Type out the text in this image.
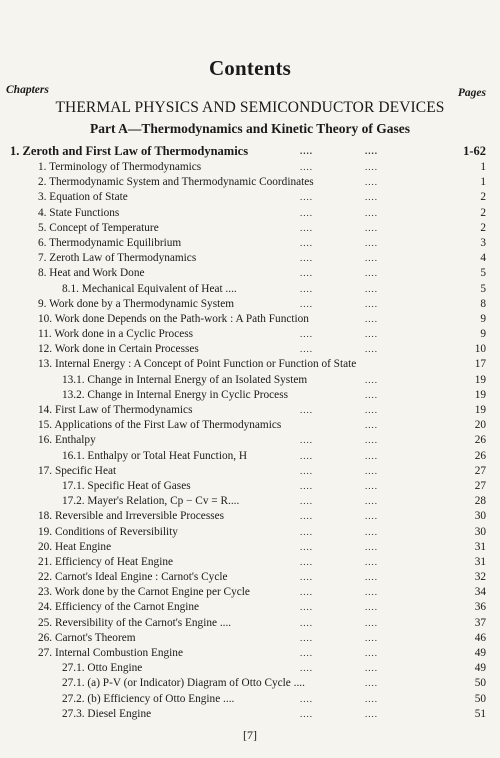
Contents
Chapters	Pages
THERMAL PHYSICS AND SEMICONDUCTOR DEVICES
Part A—Thermodynamics and Kinetic Theory of Gases
1. Zeroth and First Law of Thermodynamics	....	....	1-62
1. Terminology of Thermodynamics	....	....	1
2. Thermodynamic System and Thermodynamic Coordinates	....	1
3. Equation of State	....	....	2
4. State Functions	....	....	2
5. Concept of Temperature	....	....	2
6. Thermodynamic Equilibrium	....	....	3
7. Zeroth Law of Thermodynamics	....	....	4
8. Heat and Work Done	....	....	5
8.1. Mechanical Equivalent of Heat ....	....	....	5
9. Work done by a Thermodynamic System	....	....	8
10. Work done Depends on the Path-work : A Path Function	....	9
11. Work done in a Cyclic Process	....	....	9
12. Work done in Certain Processes	....	....	10
13. Internal Energy : A Concept of Point Function or Function of State	17
13.1. Change in Internal Energy of an Isolated System	....	19
13.2. Change in Internal Energy in Cyclic Process	....	19
14. First Law of Thermodynamics	....	....	19
15. Applications of the First Law of Thermodynamics	....	20
16. Enthalpy	....	....	26
16.1. Enthalpy or Total Heat Function, H	....	....	26
17. Specific Heat	....	....	27
17.1. Specific Heat of Gases	....	....	27
17.2. Mayer's Relation, Cp − Cv = R....	....	....	28
18. Reversible and Irreversible Processes	....	....	30
19. Conditions of Reversibility	....	....	30
20. Heat Engine	....	....	31
21. Efficiency of Heat Engine	....	....	31
22. Carnot's Ideal Engine : Carnot's Cycle	....	....	32
23. Work done by the Carnot Engine per Cycle	....	....	34
24. Efficiency of the Carnot Engine	....	....	36
25. Reversibility of the Carnot's Engine ....	....	....	37
26. Carnot's Theorem	....	....	46
27. Internal Combustion Engine	....	....	49
27.1. Otto Engine	....	....	49
27.1. (a) P-V (or Indicator) Diagram of Otto Cycle ....	....	50
27.2. (b) Efficiency of Otto Engine ....	....	....	50
27.3. Diesel Engine	....	....	51
[7]
